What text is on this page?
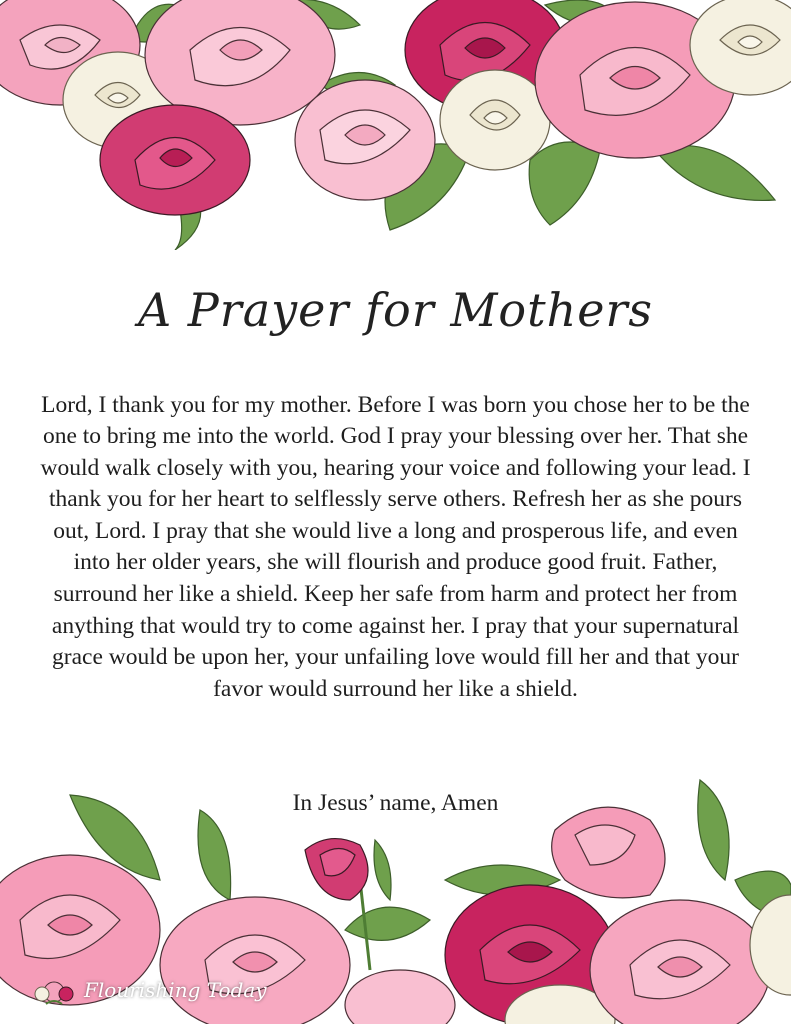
A Prayer for Mothers

Lord, I thank you for my mother. Before I was born you chose her to be the one to bring me into the world. God I pray your blessing over her. That she would walk closely with you, hearing your voice and following your lead. I thank you for her heart to selflessly serve others. Refresh her as she pours out, Lord. I pray that she would live a long and prosperous life, and even into her older years, she will flourish and produce good fruit. Father, surround her like a shield. Keep her safe from harm and protect her from anything that would try to come against her. I pray that your supernatural grace would be upon her, your unfailing love would fill her and that your favor would surround her like a shield.

In Jesus’ name, Amen
Flourishing Today
